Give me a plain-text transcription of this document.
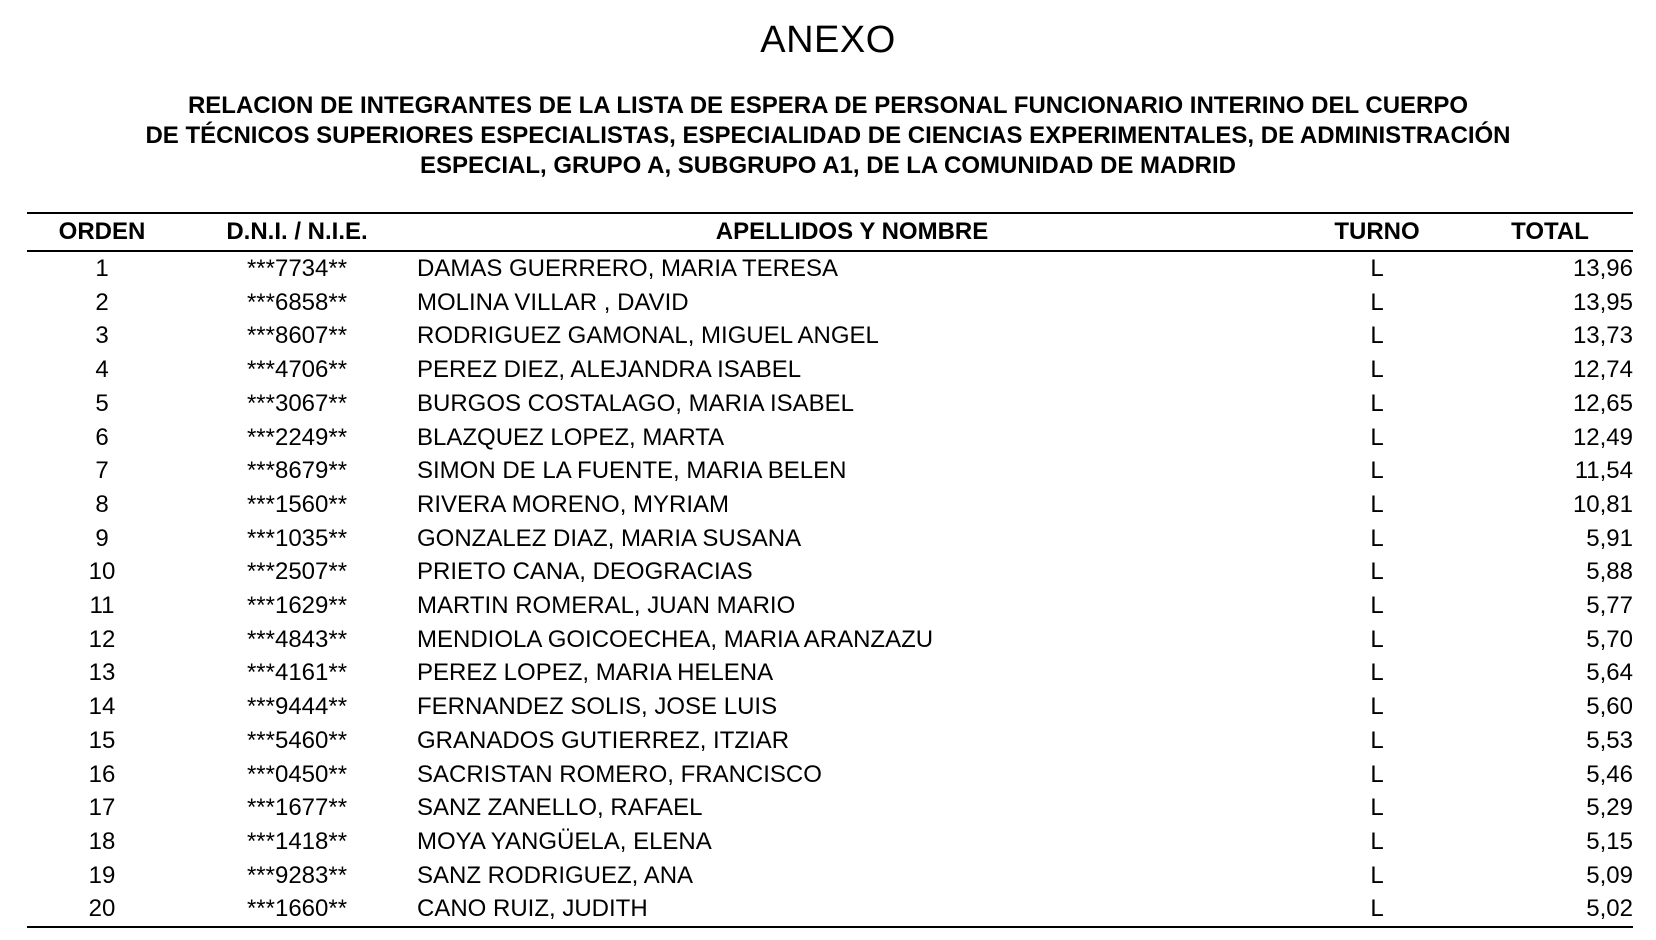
ANEXO
RELACION DE INTEGRANTES DE LA LISTA DE ESPERA DE PERSONAL FUNCIONARIO INTERINO DEL CUERPO
DE TÉCNICOS SUPERIORES ESPECIALISTAS, ESPECIALIDAD DE CIENCIAS EXPERIMENTALES, DE ADMINISTRACIÓN
ESPECIAL, GRUPO A, SUBGRUPO A1, DE LA COMUNIDAD DE MADRID
ORDEN	D.N.I. / N.I.E.	APELLIDOS Y NOMBRE	TURNO	TOTAL
1	***7734**	DAMAS GUERRERO, MARIA TERESA	L	13,96
2	***6858**	MOLINA VILLAR , DAVID	L	13,95
3	***8607**	RODRIGUEZ GAMONAL, MIGUEL ANGEL	L	13,73
4	***4706**	PEREZ DIEZ, ALEJANDRA ISABEL	L	12,74
5	***3067**	BURGOS COSTALAGO, MARIA ISABEL	L	12,65
6	***2249**	BLAZQUEZ LOPEZ, MARTA	L	12,49
7	***8679**	SIMON DE LA FUENTE, MARIA BELEN	L	11,54
8	***1560**	RIVERA MORENO, MYRIAM	L	10,81
9	***1035**	GONZALEZ DIAZ, MARIA SUSANA	L	5,91
10	***2507**	PRIETO CANA, DEOGRACIAS	L	5,88
11	***1629**	MARTIN ROMERAL, JUAN MARIO	L	5,77
12	***4843**	MENDIOLA GOICOECHEA, MARIA ARANZAZU	L	5,70
13	***4161**	PEREZ LOPEZ, MARIA HELENA	L	5,64
14	***9444**	FERNANDEZ SOLIS, JOSE LUIS	L	5,60
15	***5460**	GRANADOS GUTIERREZ, ITZIAR	L	5,53
16	***0450**	SACRISTAN ROMERO, FRANCISCO	L	5,46
17	***1677**	SANZ ZANELLO, RAFAEL	L	5,29
18	***1418**	MOYA YANGÜELA, ELENA	L	5,15
19	***9283**	SANZ RODRIGUEZ, ANA	L	5,09
20	***1660**	CANO RUIZ, JUDITH	L	5,02
